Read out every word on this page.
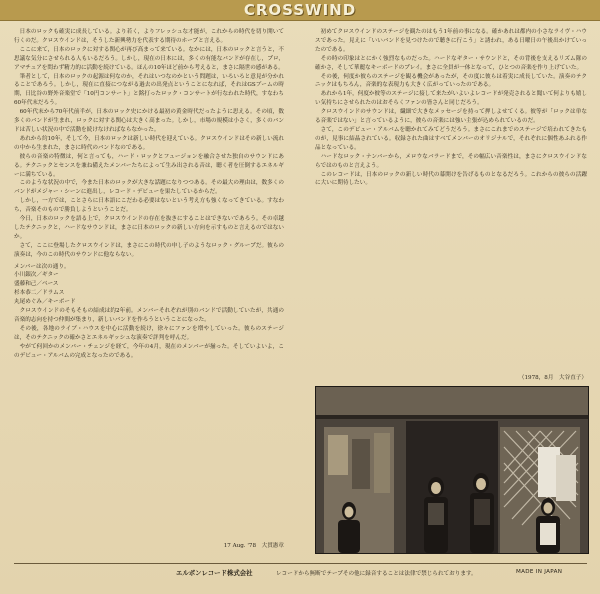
CROSSWIND

日本のロックも確実に成長している。より若く，よりフレッシュな才能が，これからの時代を切り開いて行くのだ。クロスウインドは，そうした新興勢力を代表する期待のホープと言える。

ここに来て，日本のロックに対する関心が再び高まって来ている。なかには，日本のロックと言うと，不思議な気分にさせられる人もいるだろう。しかし，現在の日本には，多くの有能なバンドが存在し，プロ，アマチュアを問わず精力的に活動を続けている。ほんの10年ほど前から考えると，まさに隔世の感がある。

筆者として，日本のロックの起源は何なのか，それはいつなのかという問題は，いろいろと意見が分かれることであろう。しかし，現在に直接につながる過去の出発点ということになれば，それはGSブームの時期，日比谷の野外音楽堂で「10円コンサート」と銘打ったロック・コンサートが行なわれた時代，すなわち60年代末だろう。

60年代末から70年代前半が，日本のロック史にかける最初の黄金時代だったように思える。その頃，数多くのバンドが生まれ，ロックに対する関心は大きく高まった。しかし，市場の規模は小さく，多くのバンドは苦しい状況の中で活動を続けなければならなかった。

あれから約10年，そして今，日本のロックは新しい時代を迎えている。クロスウインドはその新しい流れの中から生まれた，まさに時代のバンドなのである。

彼らの音楽の特徴は，何と言っても，ハード・ロックとフュージョンを融合させた独自のサウンドにある。テクニックとセンスを兼ね備えたメンバーたちによって生み出される音は，聴く者を圧倒するエネルギーに満ちている。

このような状況の中で，今また日本のロックが大きな話題になりつつある。その最大の理由は，数多くのバンドがメジャー・シーンに進出し，レコード・デビューを果たしているからだ。

しかし，一方では，ことさらに日本語にこだわる必要はないという考え方も強くなってきている。すなわち，音楽そのもので勝負しようということだ。

今日，日本のロックを語る上で，クロスウインドの存在を抜きにすることはできないであろう。その卓越したテクニックと，ハードなサウンドは，まさに日本のロックの新しい方向を示すものと言えるのではないか。

さて，ここに登場したクロスウインドは，まさにこの時代の申し子のようなロック・グループだ。彼らの演奏は，今のこの時代のサウンドに他ならない。

メンバーは次の通り。
小川銀次／ギター
盛藤和己／ベース
杉本恭二／ドラムス
丸尾めぐみ／キーボード

クロスウインドのそもそもの結成は約2年前。メンバーそれぞれが別のバンドで活動していたが，共通の音楽的志向を持つ仲間が集まり，新しいバンドを作ろうということになった。

その後，各地のライブ・ハウスを中心に活動を続け，徐々にファンを増やしていった。彼らのステージは，そのテクニックの確かさとエネルギッシュな演奏で評判を呼んだ。

やがて何回かのメンバー・チェンジを経て，今年の4月，現在のメンバーが揃った。そしていよいよ，このデビュー・アルバムの完成となったのである。

17 Aug. '78　大貫憲章

初めてクロスウインドのステージを観たのはもう1年前の事になる。確かあれは都内の小さなライヴ・ハウスであった。見えに「いいバンドを見つけたので聴きに行こう」と誘われ，ある日曜日の午後出かけていったのである。

その時の印象はとにかく強烈なものだった。ハードなギター・サウンドと，その背後を支えるリズム隊の確かさ，そして華麗なキーボードのプレイ。まさに全員が一体となって，ひとつの音楽を作り上げていた。

その後，何度か彼らのステージを観る機会があったが，その度に彼らは着実に成長していた。演奏のテクニックはもちろん，音楽的な表現力も大きく広がっていったのである。

あれから1年，何度か彼等のステージに接して来たがいよいよレコードが発売されると聞いて何よりも嬉しい気持ちにさせられたのはおそらくファンの皆さんと同じだろう。

クロスウインドのサウンドは，繊細で大きなメッセージを持って押しよせてくる。彼等が「ロックは単なる音楽ではない」と言っているように，彼らの音楽には強い主張が込められているのだ。

さて，このデビュー・アルバムを聴かれてみてどうだろう。まさにこれまでのステージで培われてきたものが，見事に結晶されている。収録された曲はすべてメンバーのオリジナルで，それぞれに個性あふれる作品となっている。

ハードなロック・ナンバーから，メロウなバラードまで，その幅広い音楽性は，まさにクロスウインドならではのものと言えよう。

このレコードは，日本のロックの新しい時代の幕開けを告げるものとなるだろう。これからの彼らの活躍に大いに期待したい。

（1978，8月　大谷直子）
エルボンレコード株式会社	レコードから無断でテープその他に録音することは法律で禁じられております。	MADE IN JAPAN
